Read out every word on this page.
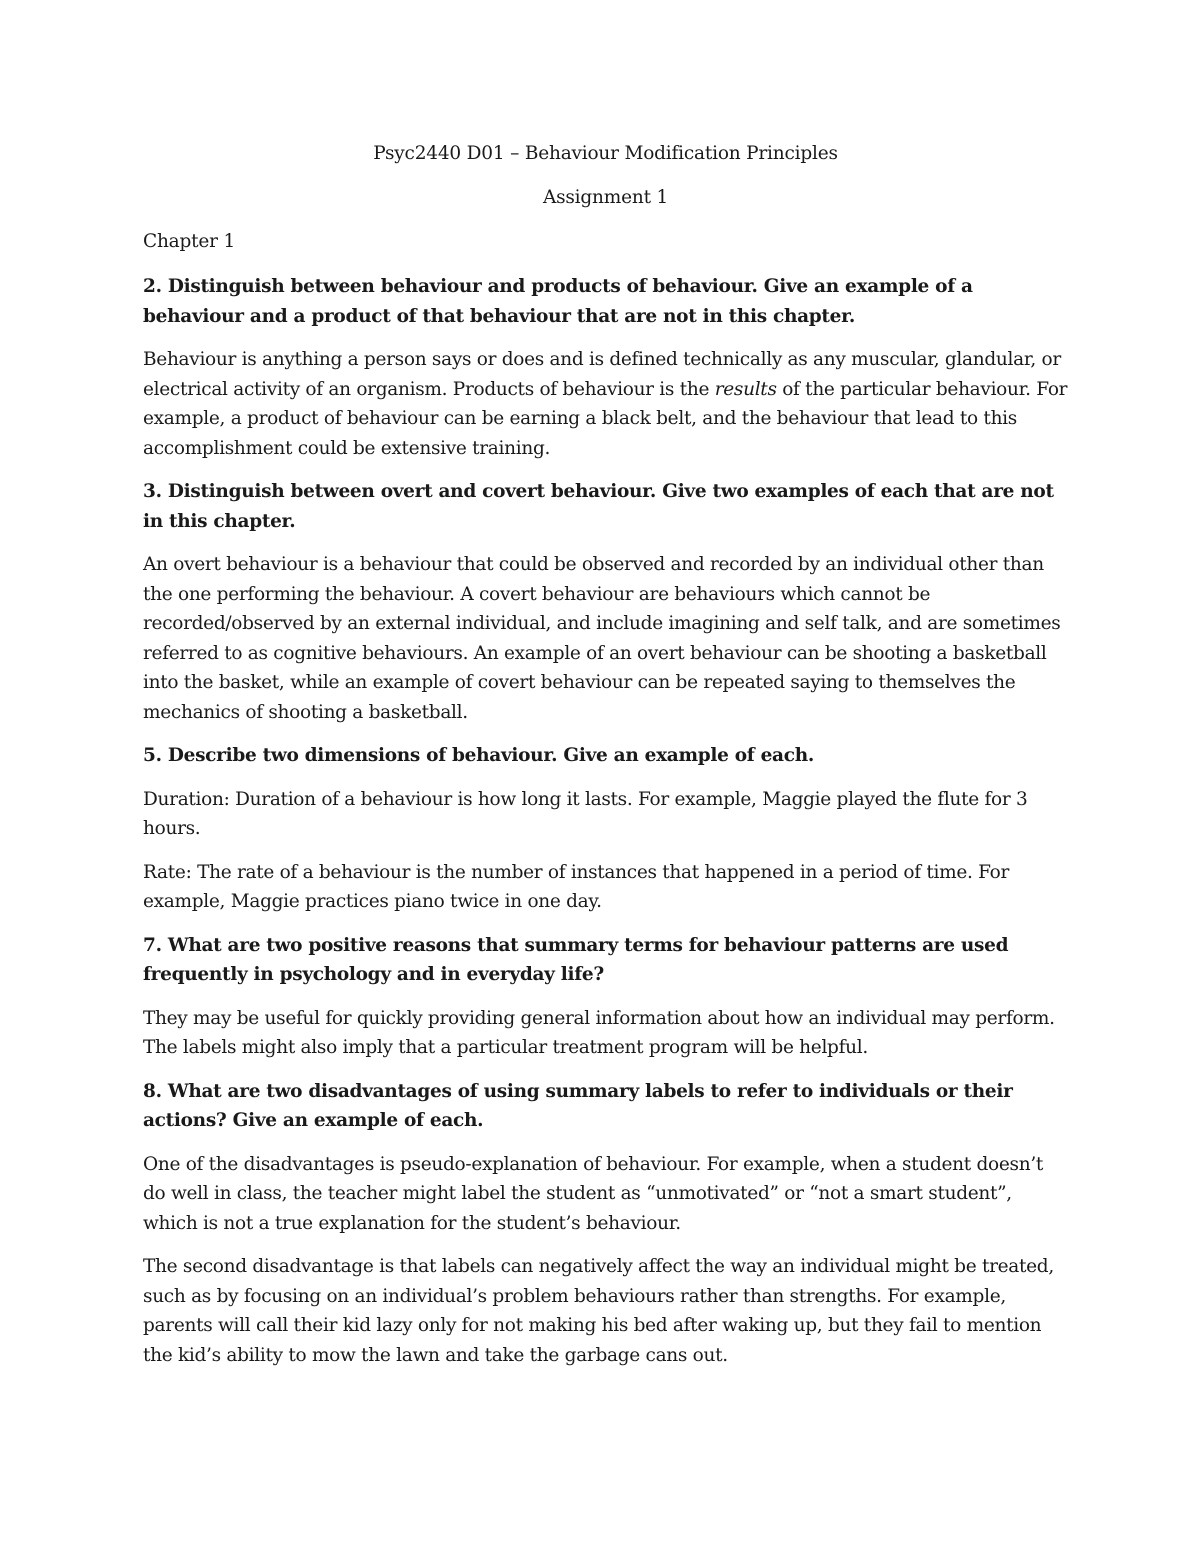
Psyc2440 D01 – Behaviour Modification Principles

Assignment 1

Chapter 1

2. Distinguish between behaviour and products of behaviour. Give an example of a behaviour and a product of that behaviour that are not in this chapter.

Behaviour is anything a person says or does and is defined technically as any muscular, glandular, or electrical activity of an organism. Products of behaviour is the results of the particular behaviour. For example, a product of behaviour can be earning a black belt, and the behaviour that lead to this accomplishment could be extensive training.

3. Distinguish between overt and covert behaviour. Give two examples of each that are not in this chapter.

An overt behaviour is a behaviour that could be observed and recorded by an individual other than the one performing the behaviour. A covert behaviour are behaviours which cannot be recorded/observed by an external individual, and include imagining and self talk, and are sometimes referred to as cognitive behaviours. An example of an overt behaviour can be shooting a basketball into the basket, while an example of covert behaviour can be repeated saying to themselves the mechanics of shooting a basketball.

5. Describe two dimensions of behaviour. Give an example of each.

Duration: Duration of a behaviour is how long it lasts. For example, Maggie played the flute for 3 hours.

Rate: The rate of a behaviour is the number of instances that happened in a period of time. For example, Maggie practices piano twice in one day.

7. What are two positive reasons that summary terms for behaviour patterns are used frequently in psychology and in everyday life?

They may be useful for quickly providing general information about how an individual may perform. The labels might also imply that a particular treatment program will be helpful.

8. What are two disadvantages of using summary labels to refer to individuals or their actions? Give an example of each.

One of the disadvantages is pseudo-explanation of behaviour. For example, when a student doesn’t do well in class, the teacher might label the student as “unmotivated” or “not a smart student”, which is not a true explanation for the student’s behaviour.

The second disadvantage is that labels can negatively affect the way an individual might be treated, such as by focusing on an individual’s problem behaviours rather than strengths. For example, parents will call their kid lazy only for not making his bed after waking up, but they fail to mention the kid’s ability to mow the lawn and take the garbage cans out.
